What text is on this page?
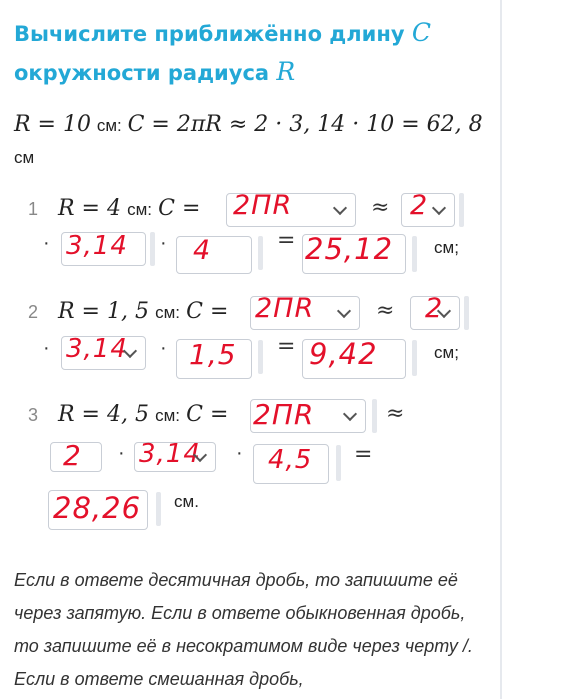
Вычислите приближённо длину C
окружности радиуса R
R = 10 см: C = 2πR ≈ 2 · 3, 14 · 10 = 62, 8
см
1 R = 4 см: C = 2ПR	≈ 2
· 3,14 · 4	= 25,12 см;
2 R = 1, 5 см: C = 2ПR	≈ 2
· 3,14 · 1,5 = 9,42	см;
3 R = 4, 5 см: C = 2ПR	≈
2 · 3,14 · 4,5 =
28,26 см.
Если в ответе десятичная дробь, то запишите её через запятую. Если в ответе обыкновенная дробь, то запишите её в несократимом виде через черту /. Если в ответе смешанная дробь,
